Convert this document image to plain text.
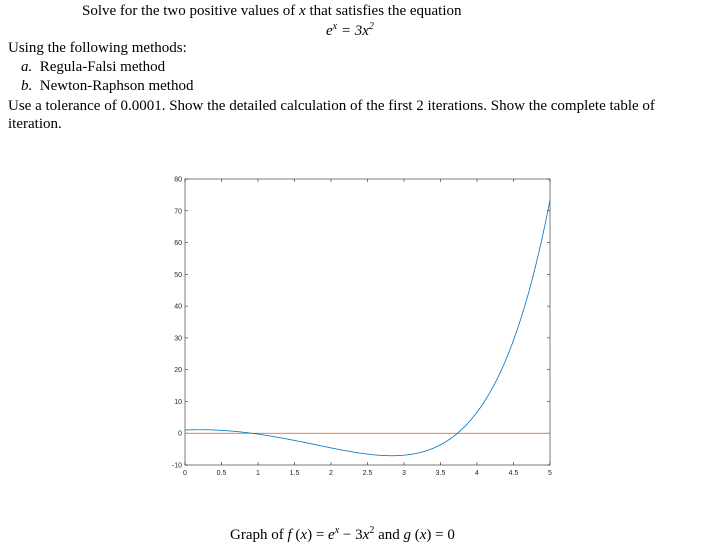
Solve for the two positive values of x that satisfies the equation
$e^x = 3x^2$
Using the following methods:
a. Regula-Falsi method
b. Newton-Raphson method
Use a tolerance of 0.0001. Show the detailed calculation of the first 2 iterations. Show the complete table of iteration.
0	0.5	1	1.5	2	2.5	3	3.5	4	4.5	5
-10
0
10
20
30
40
50
60
70
80
Graph of f $(x) = e^x - 3x^2$ and g (x) = 0
